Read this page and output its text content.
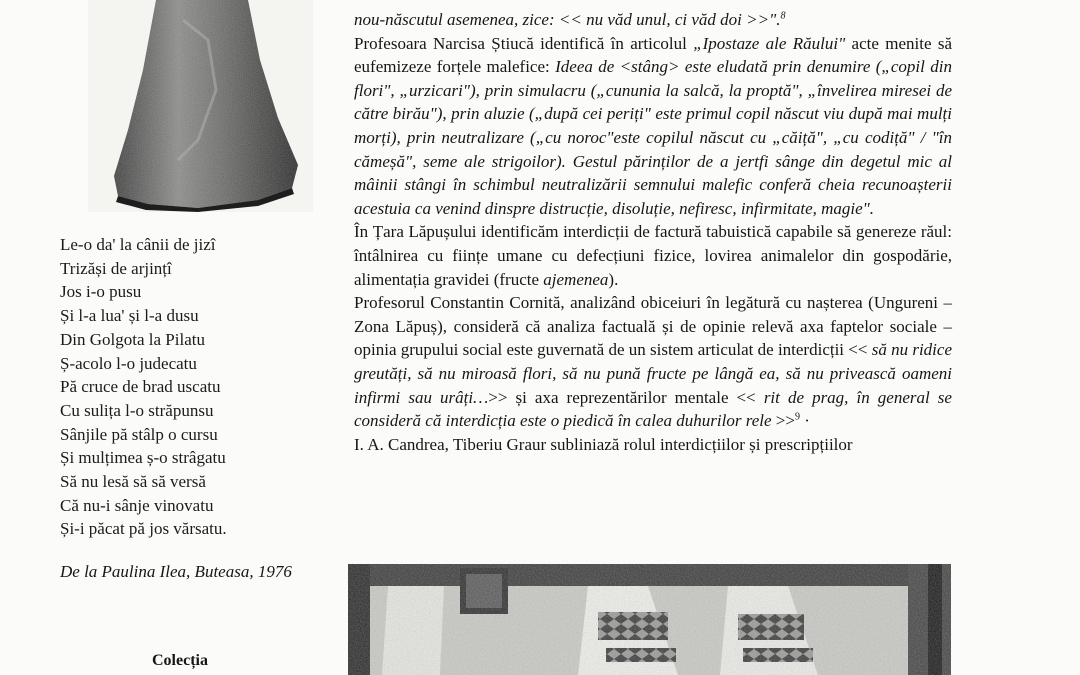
Le-o da' la cânii de jizî
Trizăși de arjințî
Jos i-o pusu
Și l-a lua' și l-a dusu
Din Golgota la Pilatu
Ș-acolo l-o judecatu
Pă cruce de brad uscatu
Cu sulița l-o străpunsu
Sânjile pă stâlp o cursu
Și mulțimea ș-o strâgatu
Să nu lesă să să versă
Că nu-i sânje vinovatu
Și-i păcat pă jos vărsatu.
De la Paulina Ilea, Buteasa, 1976
Colecția

nou-născutul asemenea, zice: << nu văd unul, ci văd doi >>".$^8$

Profesoara Narcisa Știucă identifică în articolul „Ipostaze ale Răului" acte menite să eufemizeze forțele malefice: Ideea de <stâng> este eludată prin denumire („copil din flori", „urzicari"), prin simulacru („cununia la salcă, la proptă", „învelirea miresei de către birău"), prin aluzie („după cei periți" este primul copil născut viu după mai mulți morți), prin neutralizare („cu noroc"este copilul născut cu „căiță", „cu codiță" / "în cămeșă", seme ale strigoilor). Gestul părinților de a jertfi sânge din degetul mic al mâinii stângi în schimbul neutralizării semnului malefic conferă cheia recunoașterii acestuia ca venind dinspre distrucție, disoluție, nefiresc, infirmitate, magie".

În Țara Lăpușului identificăm interdicții de factură tabuistică capabile să genereze răul: întâlnirea cu ființe umane cu defecțiuni fizice, lovirea animalelor din gospodărie, alimentația gravidei (fructe ajemenea).

Profesorul Constantin Cornită, analizând obiceiuri în legătură cu nașterea (Ungureni – Zona Lăpuș), consideră că analiza factuală și de opinie relevă axa faptelor sociale – opinia grupului social este guvernată de un sistem articulat de interdicții << să nu ridice greutăți, să nu miroasă flori, să nu pună fructe pe lângă ea, să nu privească oameni infirmi sau urâți…>> și axa reprezentărilor mentale << rit de prag, în general se consideră că interdicția este o piedică în calea duhurilor rele >>$^9$ ·

I. A. Candrea, Tiberiu Graur subliniază rolul interdicțiilor și prescripțiilor
